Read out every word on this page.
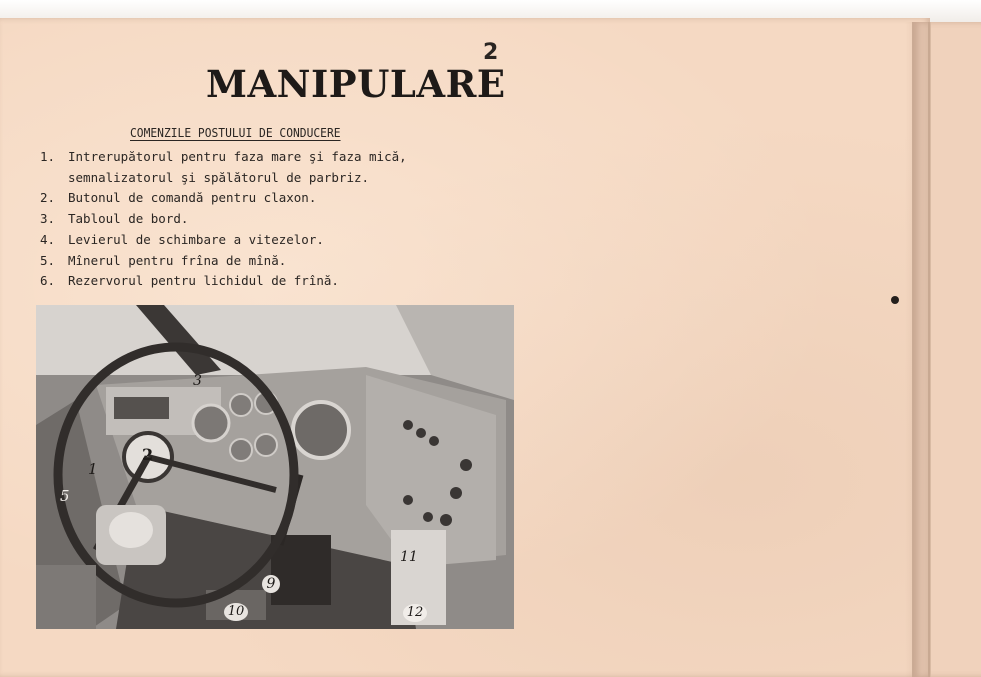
2
MANIPULARE
COMENZILE POSTULUI DE CONDUCERE
1.	Intrerupătorul pentru faza mare şi faza mică,
semnalizatorul şi spălătorul de parbriz.
2.	Butonul de comandă pentru claxon.
3.	Tabloul de bord.
4.	Levierul de schimbare a vitezelor.
5.	Mînerul pentru frîna de mînă.
6.	Rezervorul pentru lichidul de frînă.
1
2
3
5
9
10
11
12
